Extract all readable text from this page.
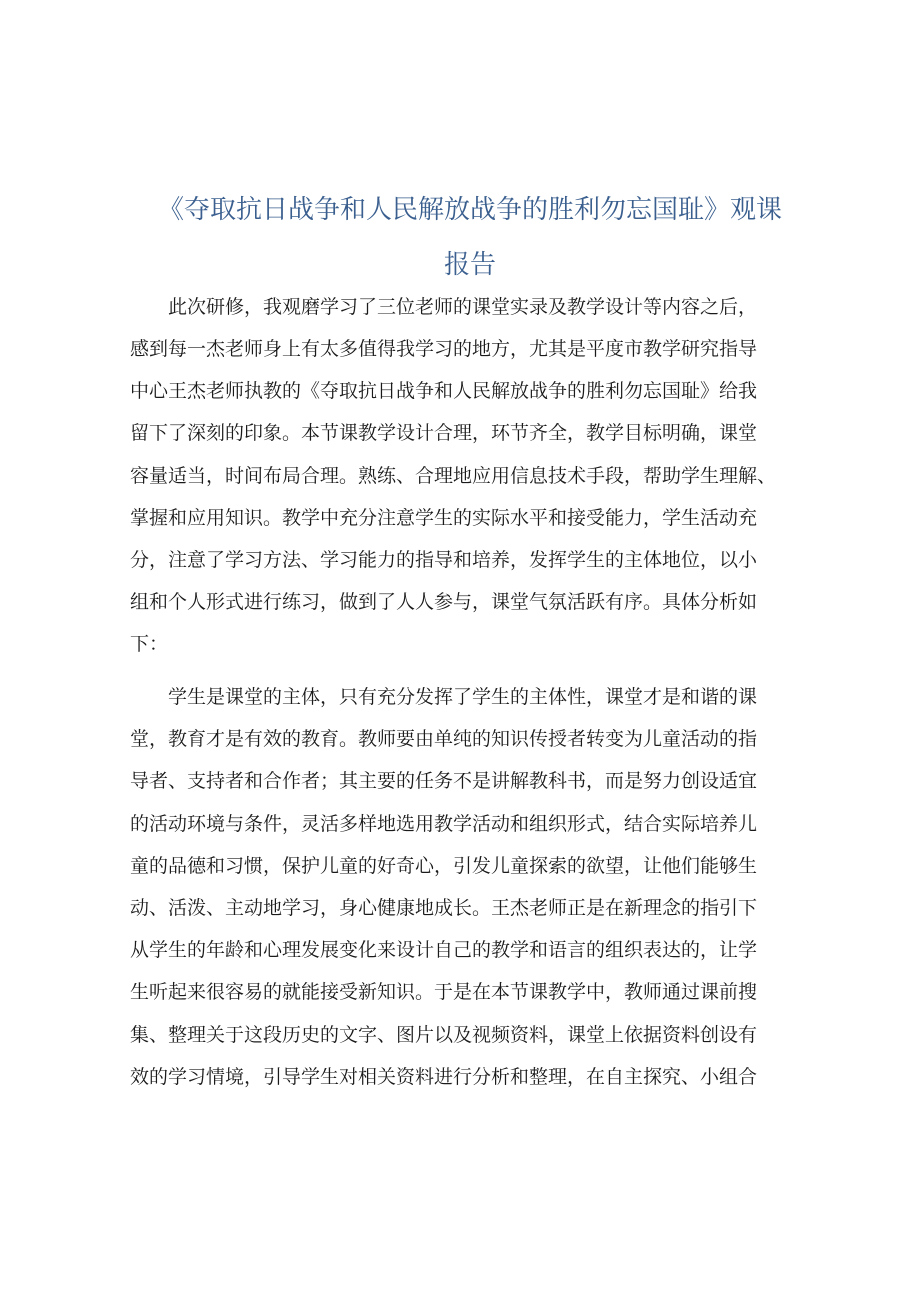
《夺取抗日战争和人民解放战争的胜利勿忘国耻》观课
报告
此次研修，我观磨学习了三位老师的课堂实录及教学设计等内容之后，
感到每一杰老师身上有太多值得我学习的地方，尤其是平度市教学研究指导
中心王杰老师执教的《夺取抗日战争和人民解放战争的胜利勿忘国耻》给我
留下了深刻的印象。本节课教学设计合理，环节齐全，教学目标明确，课堂
容量适当，时间布局合理。熟练、合理地应用信息技术手段，帮助学生理解、
掌握和应用知识。教学中充分注意学生的实际水平和接受能力，学生活动充
分，注意了学习方法、学习能力的指导和培养，发挥学生的主体地位，以小
组和个人形式进行练习，做到了人人参与，课堂气氛活跃有序。具体分析如
下：
学生是课堂的主体，只有充分发挥了学生的主体性，课堂才是和谐的课
堂，教育才是有效的教育。教师要由单纯的知识传授者转变为儿童活动的指
导者、支持者和合作者；其主要的任务不是讲解教科书，而是努力创设适宜
的活动环境与条件，灵活多样地选用教学活动和组织形式，结合实际培养儿
童的品德和习惯，保护儿童的好奇心，引发儿童探索的欲望，让他们能够生
动、活泼、主动地学习，身心健康地成长。王杰老师正是在新理念的指引下
从学生的年龄和心理发展变化来设计自己的教学和语言的组织表达的，让学
生听起来很容易的就能接受新知识。于是在本节课教学中，教师通过课前搜
集、整理关于这段历史的文字、图片以及视频资料，课堂上依据资料创设有
效的学习情境，引导学生对相关资料进行分析和整理，在自主探究、小组合
